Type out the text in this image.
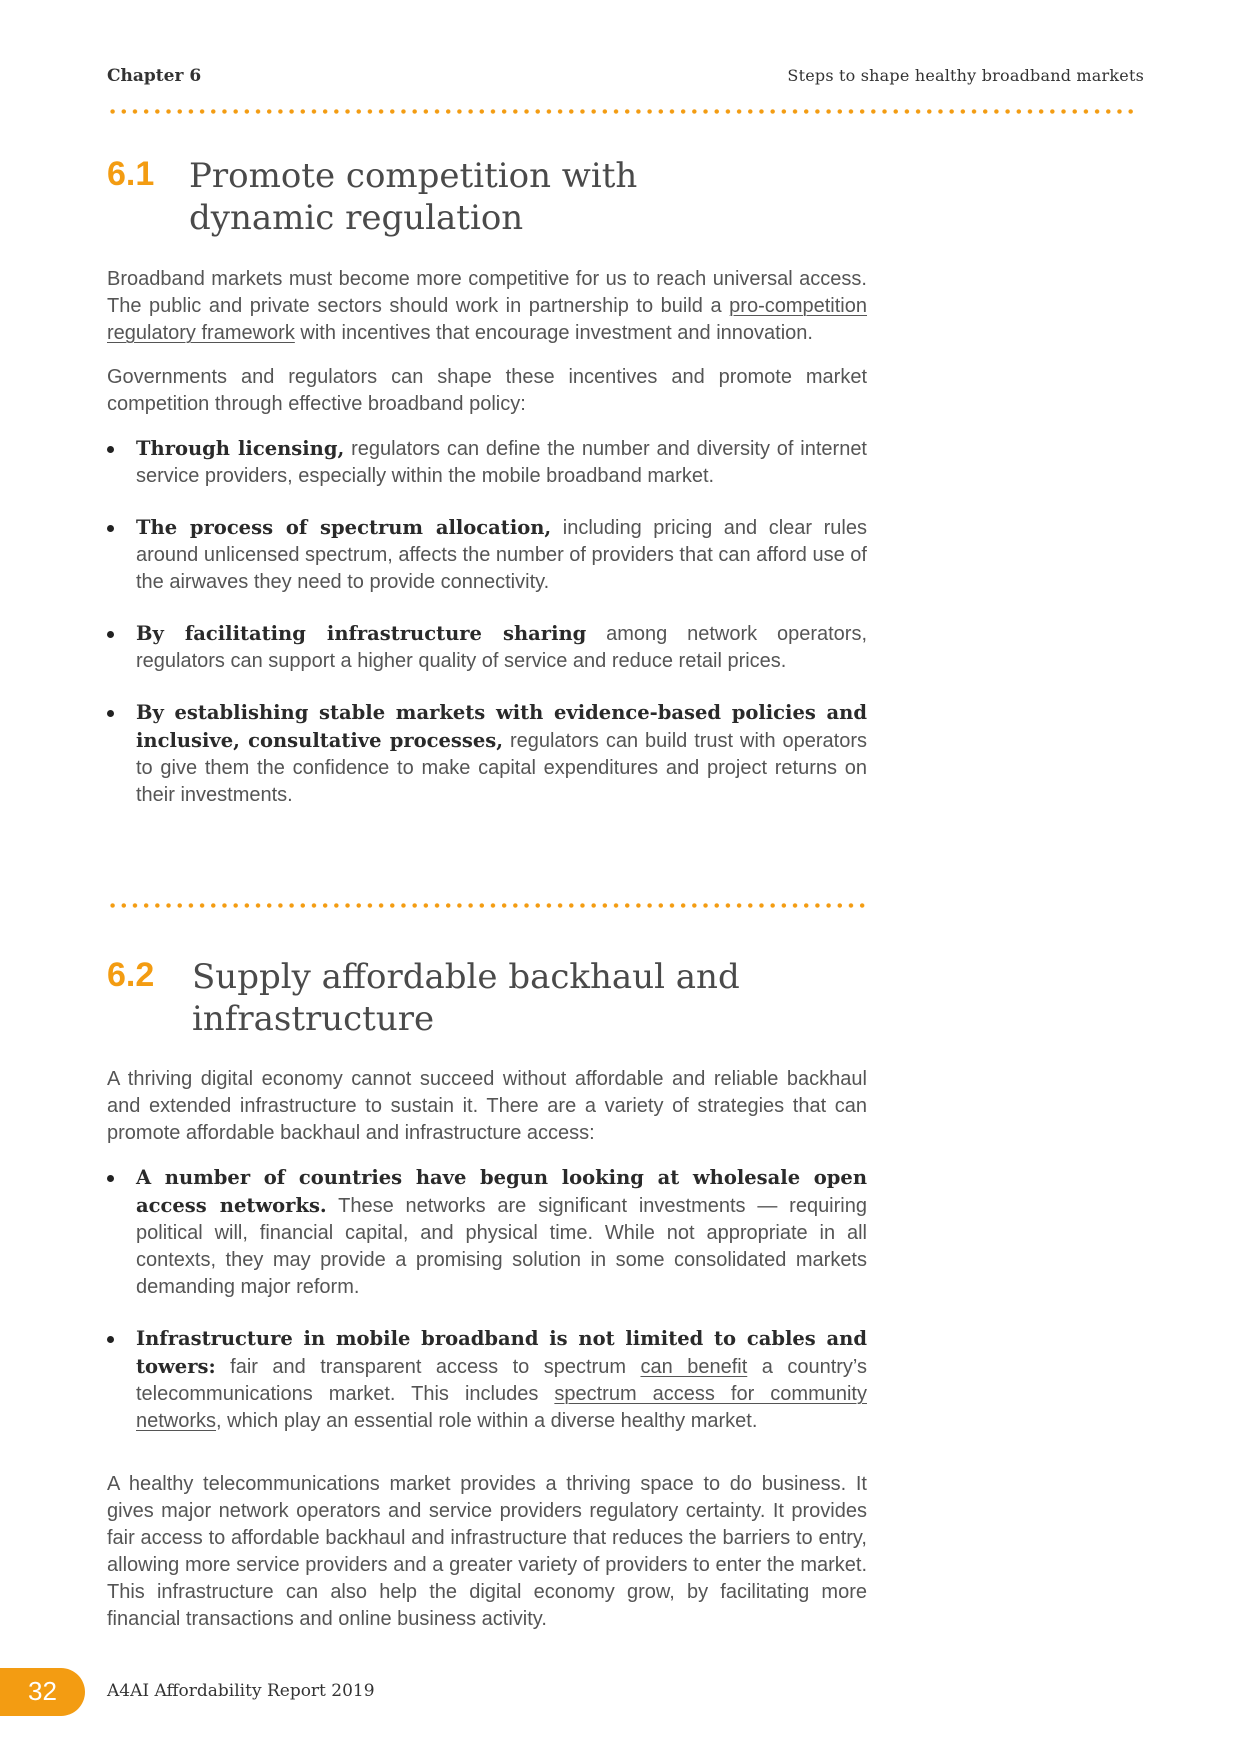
Chapter 6	Steps to shape healthy broadband markets
6.1 Promote competition with dynamic regulation

Broadband markets must become more competitive for us to reach universal access. The public and private sectors should work in partnership to build a pro-competition regulatory framework with incentives that encourage investment and innovation.

Governments and regulators can shape these incentives and promote market competition through effective broadband policy:

Through licensing, regulators can define the number and diversity of internet service providers, especially within the mobile broadband market.
The process of spectrum allocation, including pricing and clear rules around unlicensed spectrum, affects the number of providers that can afford use of the airwaves they need to provide connectivity.
By facilitating infrastructure sharing among network operators, regulators can support a higher quality of service and reduce retail prices.
By establishing stable markets with evidence-based policies and inclusive, consultative processes, regulators can build trust with operators to give them the confidence to make capital expenditures and project returns on their investments.
6.2 Supply affordable backhaul and infrastructure

A thriving digital economy cannot succeed without affordable and reliable backhaul and extended infrastructure to sustain it. There are a variety of strategies that can promote affordable backhaul and infrastructure access:

A number of countries have begun looking at wholesale open access networks. These networks are significant investments — requiring political will, financial capital, and physical time. While not appropriate in all contexts, they may provide a promising solution in some consolidated markets demanding major reform.
Infrastructure in mobile broadband is not limited to cables and towers: fair and transparent access to spectrum can benefit a country’s telecommunications market. This includes spectrum access for community networks, which play an essential role within a diverse healthy market.

A healthy telecommunications market provides a thriving space to do business. It gives major network operators and service providers regulatory certainty. It provides fair access to affordable backhaul and infrastructure that reduces the barriers to entry, allowing more service providers and a greater variety of providers to enter the market. This infrastructure can also help the digital economy grow, by facilitating more financial transactions and online business activity.

32	A4AI Affordability Report 2019
